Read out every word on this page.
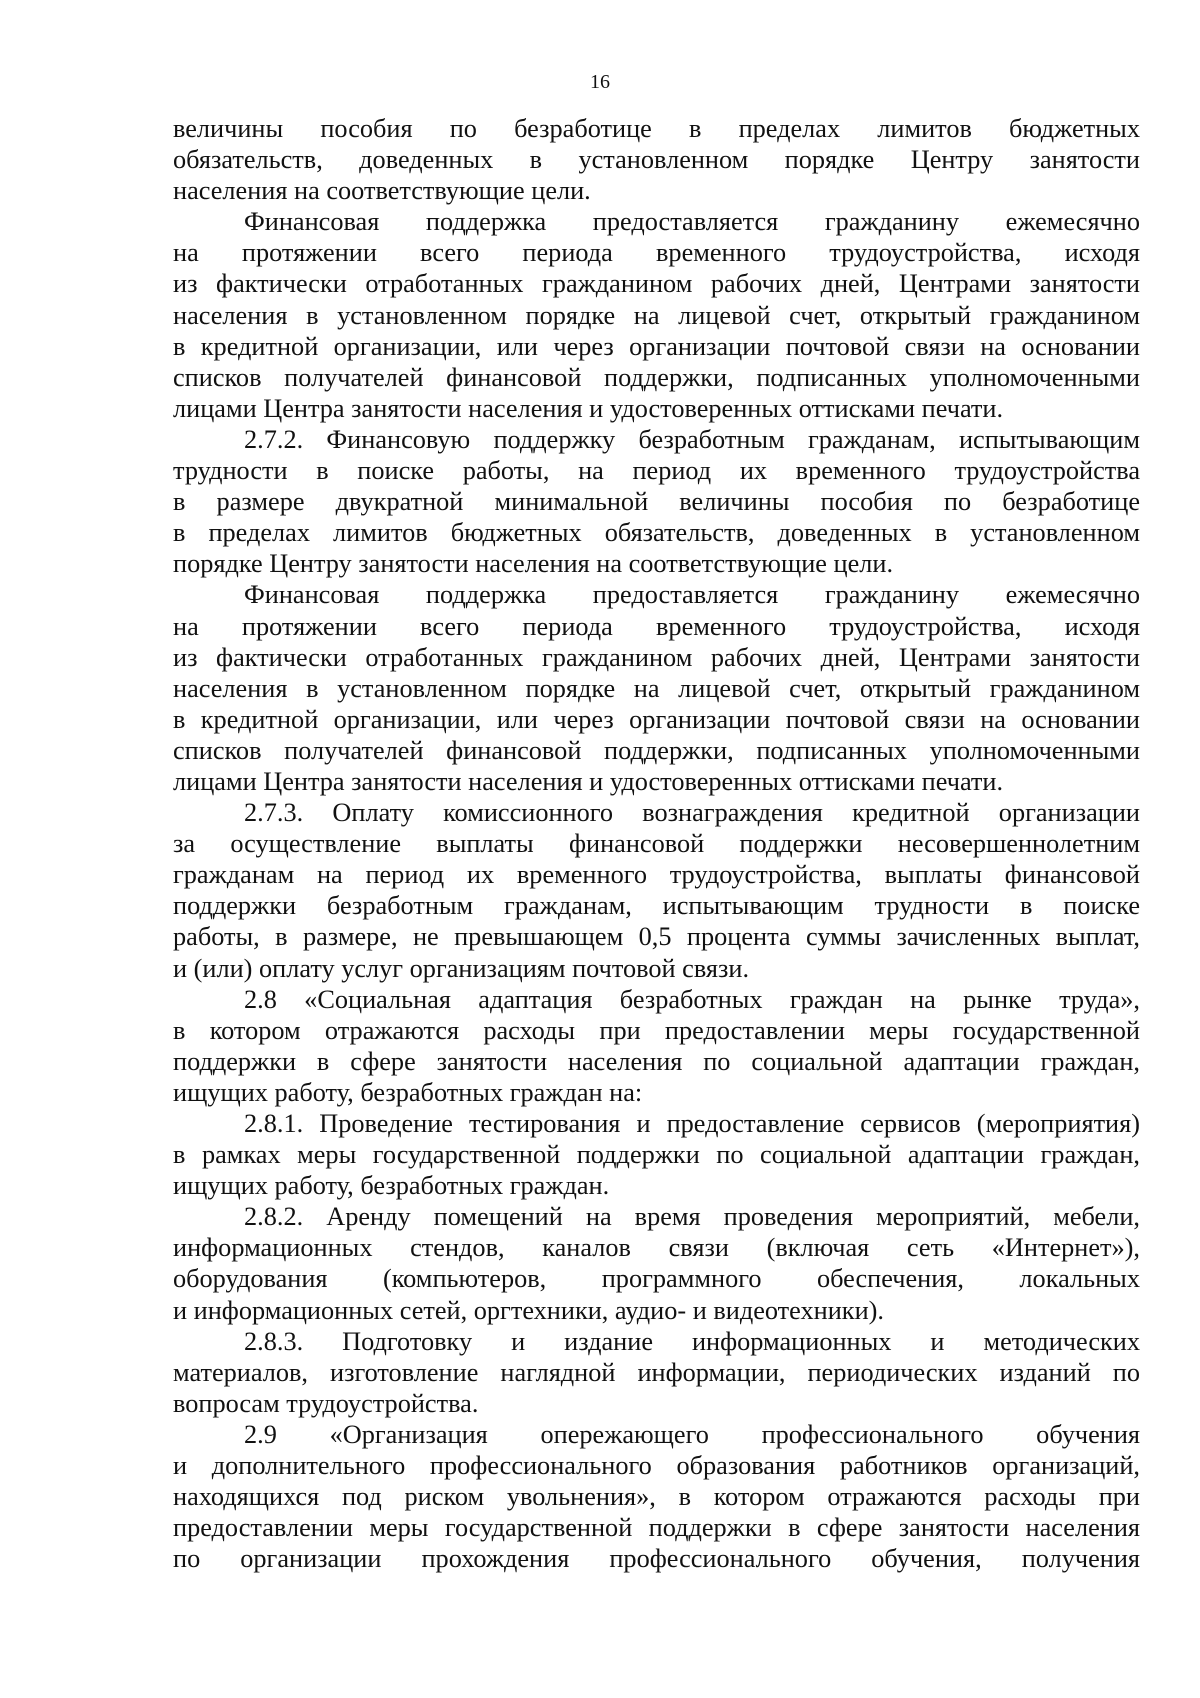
16

величины пособия по безработице в пределах лимитов бюджетных

обязательств, доведенных в установленном порядке Центру занятости

населения на соответствующие цели.

Финансовая поддержка предоставляется гражданину ежемесячно

на протяжении всего периода временного трудоустройства, исходя

из фактически отработанных гражданином рабочих дней, Центрами занятости

населения в установленном порядке на лицевой счет, открытый гражданином

в кредитной организации, или через организации почтовой связи на основании

списков получателей финансовой поддержки, подписанных уполномоченными

лицами Центра занятости населения и удостоверенных оттисками печати.

2.7.2. Финансовую поддержку безработным гражданам, испытывающим

трудности в поиске работы, на период их временного трудоустройства

в размере двукратной минимальной величины пособия по безработице

в пределах лимитов бюджетных обязательств, доведенных в установленном

порядке Центру занятости населения на соответствующие цели.

Финансовая поддержка предоставляется гражданину ежемесячно

на протяжении всего периода временного трудоустройства, исходя

из фактически отработанных гражданином рабочих дней, Центрами занятости

населения в установленном порядке на лицевой счет, открытый гражданином

в кредитной организации, или через организации почтовой связи на основании

списков получателей финансовой поддержки, подписанных уполномоченными

лицами Центра занятости населения и удостоверенных оттисками печати.

2.7.3. Оплату комиссионного вознаграждения кредитной организации

за осуществление выплаты финансовой поддержки несовершеннолетним

гражданам на период их временного трудоустройства, выплаты финансовой

поддержки безработным гражданам, испытывающим трудности в поиске

работы, в размере, не превышающем 0,5 процента суммы зачисленных выплат,

и (или) оплату услуг организациям почтовой связи.

2.8 «Социальная адаптация безработных граждан на рынке труда»,

в котором отражаются расходы при предоставлении меры государственной

поддержки в сфере занятости населения по социальной адаптации граждан,

ищущих работу, безработных граждан на:

2.8.1. Проведение тестирования и предоставление сервисов (мероприятия)

в рамках меры государственной поддержки по социальной адаптации граждан,

ищущих работу, безработных граждан.

2.8.2. Аренду помещений на время проведения мероприятий, мебели,

информационных стендов, каналов связи (включая сеть «Интернет»),

оборудования (компьютеров, программного обеспечения, локальных

и информационных сетей, оргтехники, аудио- и видеотехники).

2.8.3. Подготовку и издание информационных и методических

материалов, изготовление наглядной информации, периодических изданий по

вопросам трудоустройства.

2.9 «Организация опережающего профессионального обучения

и дополнительного профессионального образования работников организаций,

находящихся под риском увольнения», в котором отражаются расходы при

предоставлении меры государственной поддержки в сфере занятости населения

по организации прохождения профессионального обучения, получения
